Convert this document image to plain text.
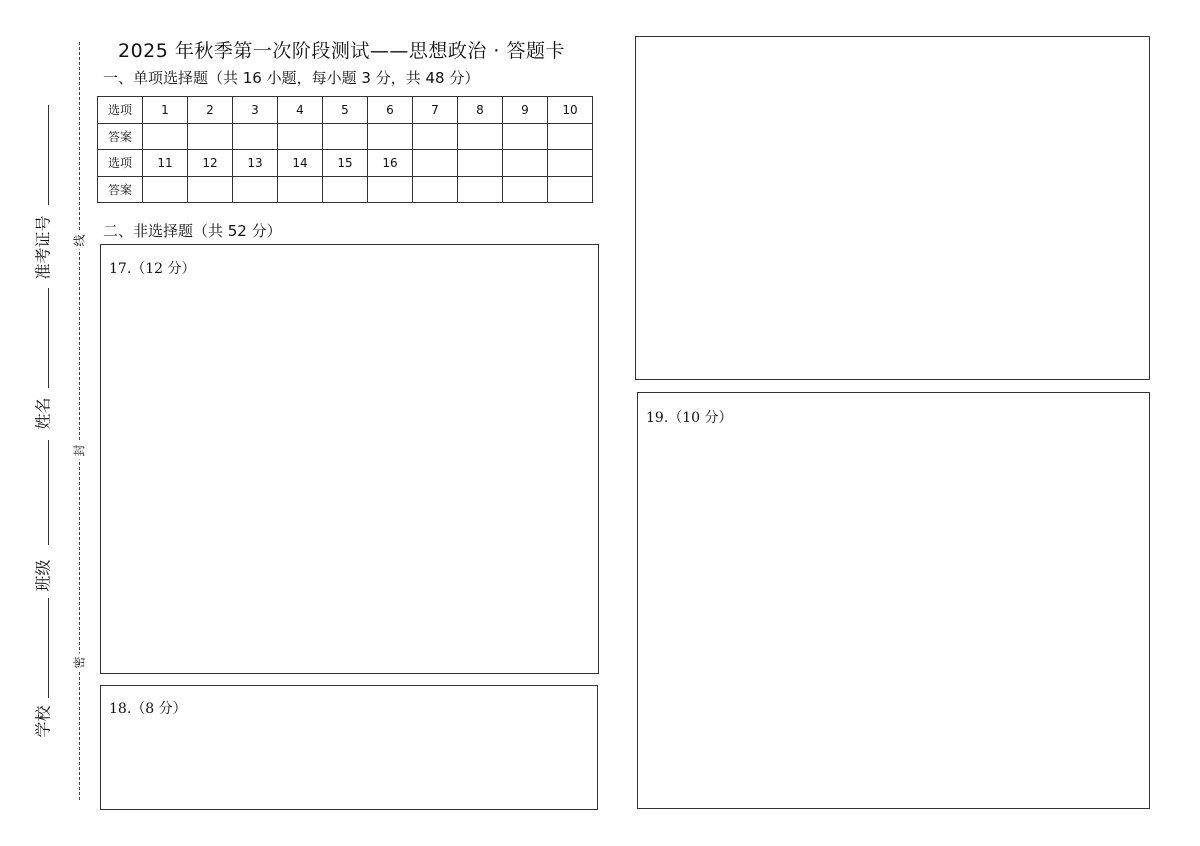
准考证号
姓名
班级
学校
线
封
密
2025 年秋季第一次阶段测试——思想政治 · 答题卡
一、单项选择题（共 16 小题，每小题 3 分，共 48 分）
选项	1	2	3	4	5	6	7	8	9	10
答案										
选项	11	12	13	14	15	16				
答案										
二、非选择题（共 52 分）
17.（12 分）
18.（8 分）
19.（10 分）
